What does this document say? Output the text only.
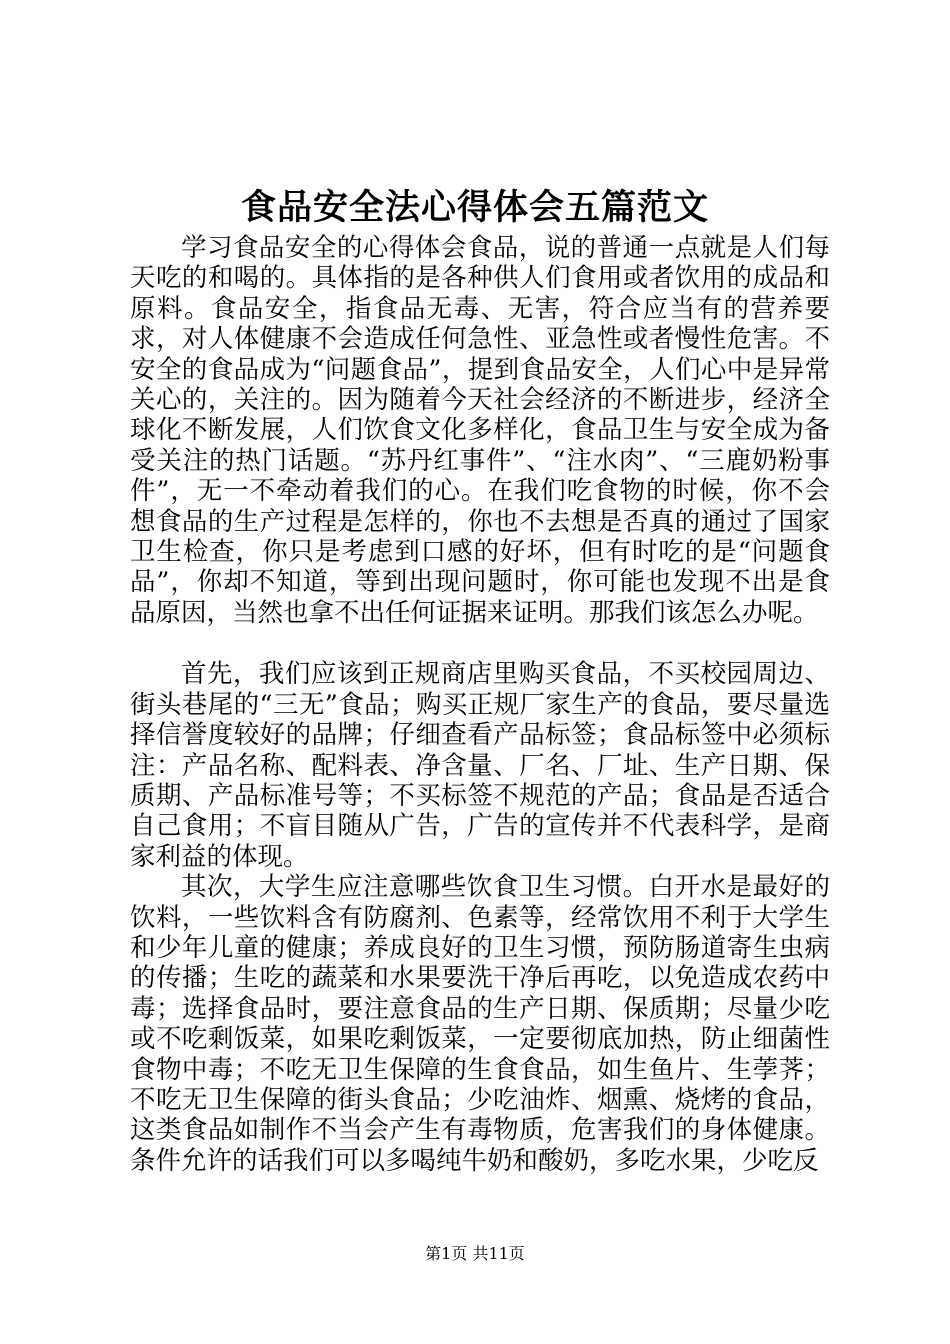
食品安全法心得体会五篇范文

学习食品安全的心得体会食品，说的普通一点就是人们每天吃的和喝的。具体指的是各种供人们食用或者饮用的成品和原料。食品安全，指食品无毒、无害，符合应当有的营养要求，对人体健康不会造成任何急性、亚急性或者慢性危害。不安全的食品成为“问题食品”，提到食品安全，人们心中是异常关心的，关注的。因为随着今天社会经济的不断进步，经济全球化不断发展，人们饮食文化多样化，食品卫生与安全成为备受关注的热门话题。“苏丹红事件”、“注水肉”、“三鹿奶粉事件”，无一不牵动着我们的心。在我们吃食物的时候，你不会想食品的生产过程是怎样的，你也不去想是否真的通过了国家卫生检查，你只是考虑到口感的好坏，但有时吃的是“问题食品”，你却不知道，等到出现问题时，你可能也发现不出是食品原因，当然也拿不出任何证据来证明。那我们该怎么办呢。

首先，我们应该到正规商店里购买食品，不买校园周边、街头巷尾的“三无”食品；购买正规厂家生产的食品，要尽量选择信誉度较好的品牌；仔细查看产品标签；食品标签中必须标注：产品名称、配料表、净含量、厂名、厂址、生产日期、保质期、产品标准号等；不买标签不规范的产品；食品是否适合自己食用；不盲目随从广告，广告的宣传并不代表科学，是商家利益的体现。

其次，大学生应注意哪些饮食卫生习惯。白开水是最好的饮料，一些饮料含有防腐剂、色素等，经常饮用不利于大学生和少年儿童的健康；养成良好的卫生习惯，预防肠道寄生虫病的传播；生吃的蔬菜和水果要洗干净后再吃，以免造成农药中毒；选择食品时，要注意食品的生产日期、保质期；尽量少吃或不吃剩饭菜，如果吃剩饭菜，一定要彻底加热，防止细菌性食物中毒；不吃无卫生保障的生食食品，如生鱼片、生荸荠；不吃无卫生保障的街头食品；少吃油炸、烟熏、烧烤的食品，这类食品如制作不当会产生有毒物质，危害我们的身体健康。条件允许的话我们可以多喝纯牛奶和酸奶，多吃水果，少吃反

第1页 共11页
